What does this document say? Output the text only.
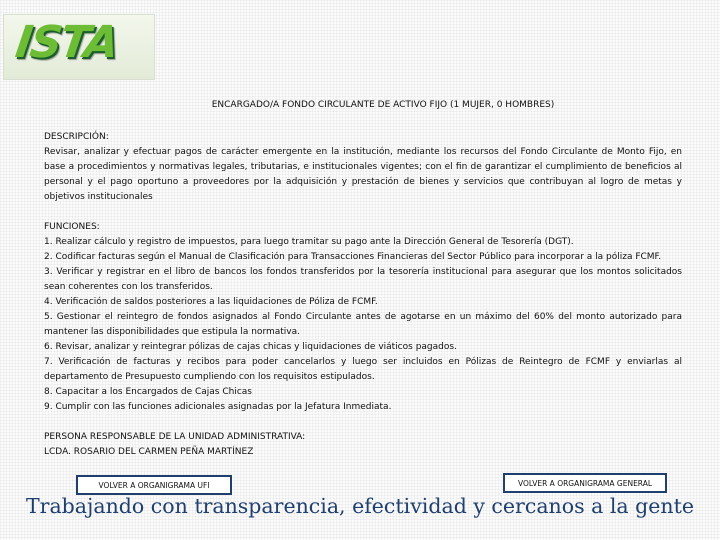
ISTA

ENCARGADO/A FONDO CIRCULANTE DE ACTIVO FIJO (1 MUJER, 0 HOMBRES)

DESCRIPCIÓN:

Revisar, analizar y efectuar pagos de carácter emergente en la institución, mediante los recursos del Fondo Circulante de Monto Fijo, en base a procedimientos y normativas legales, tributarias, e institucionales vigentes; con el fin de garantizar el cumplimiento de beneficios al personal y el pago oportuno a proveedores por la adquisición y prestación de bienes y servicios que contribuyan al logro de metas y objetivos institucionales

FUNCIONES:

1. Realizar cálculo y registro de impuestos, para luego tramitar su pago ante la Dirección General de Tesorería (DGT).
2. Codificar facturas según el Manual de Clasificación para Transacciones Financieras del Sector Público para incorporar a la póliza FCMF.
3. Verificar y registrar en el libro de bancos los fondos transferidos por la tesorería institucional para asegurar que los montos solicitados sean coherentes con los transferidos.
4. Verificación de saldos posteriores a las liquidaciones de Póliza de FCMF.
5. Gestionar el reintegro de fondos asignados al Fondo Circulante antes de agotarse en un máximo del 60% del monto autorizado para mantener las disponibilidades que estipula la normativa.
6. Revisar, analizar y reintegrar pólizas de cajas chicas y liquidaciones de viáticos pagados.
7. Verificación de facturas y recibos para poder cancelarlos y luego ser incluidos en Pólizas de Reintegro de FCMF y enviarlas al departamento de Presupuesto cumpliendo con los requisitos estipulados.
8. Capacitar a los Encargados de Cajas Chicas
9. Cumplir con las funciones adicionales asignadas por la Jefatura Inmediata.

PERSONA RESPONSABLE DE LA UNIDAD ADMINISTRATIVA:

LCDA. ROSARIO DEL CARMEN PEÑA MARTÍNEZ

VOLVER A ORGANIGRAMA UFI	VOLVER A ORGANIGRAMA GENERAL
Trabajando con transparencia, efectividad y cercanos a la gente
